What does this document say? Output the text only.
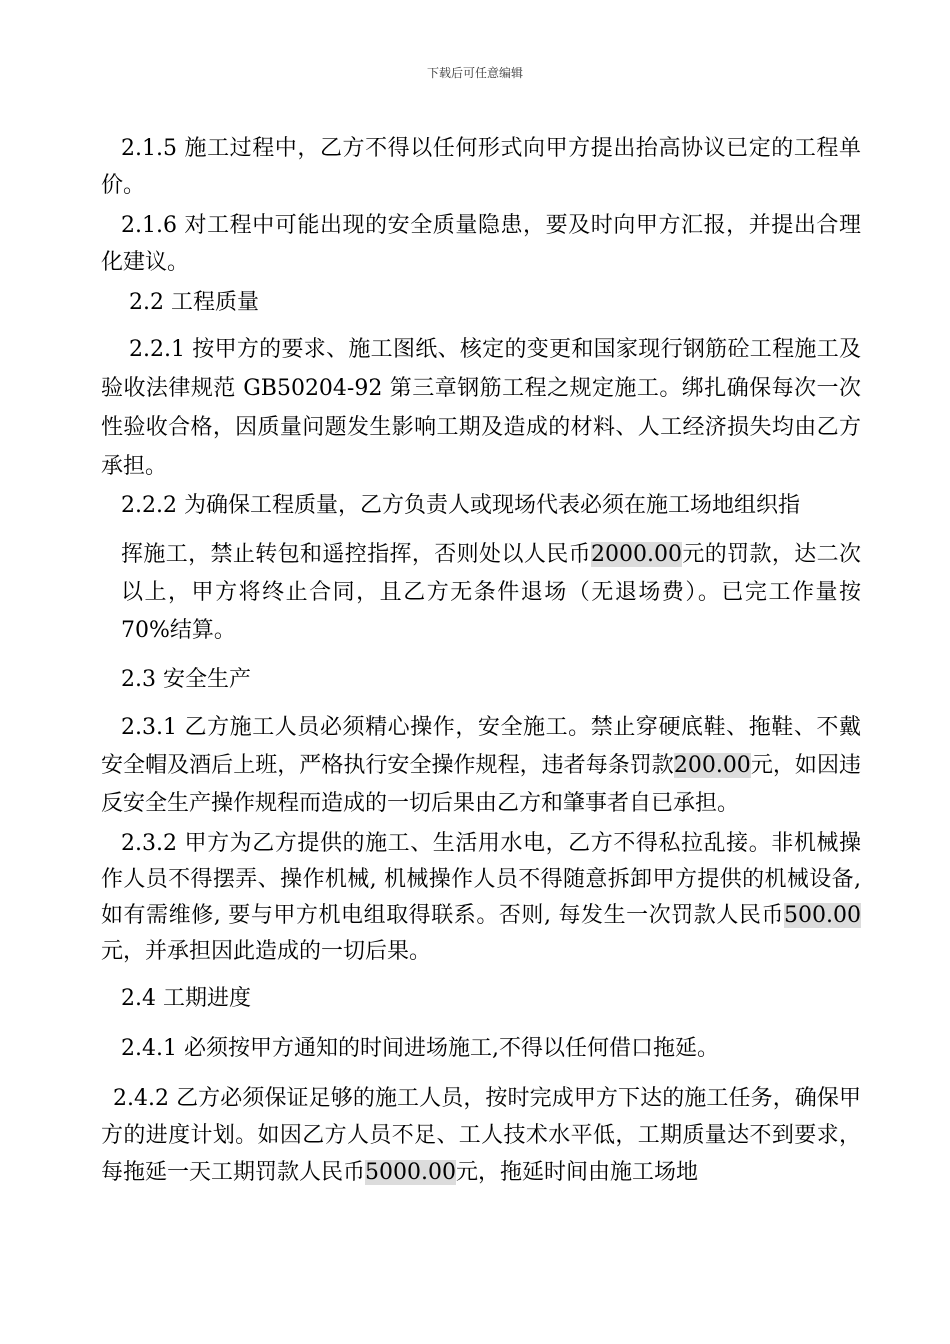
下载后可任意编辑

2.1.5 施工过程中，乙方不得以任何形式向甲方提出抬高协议已定的工程单价。

2.1.6 对工程中可能出现的安全质量隐患，要及时向甲方汇报，并提出合理化建议。

2.2 工程质量

2.2.1 按甲方的要求、施工图纸、核定的变更和国家现行钢筋砼工程施工及验收法律规范 GB50204-92 第三章钢筋工程之规定施工。绑扎确保每次一次性验收合格，因质量问题发生影响工期及造成的材料、人工经济损失均由乙方承担。

2.2.2 为确保工程质量，乙方负责人或现场代表必须在施工场地组织指

挥施工，禁止转包和遥控指挥，否则处以人民币2000.00元的罚款，达二次以上，甲方将终止合同，且乙方无条件退场（无退场费）。已完工作量按 70%结算。

2.3 安全生产

2.3.1 乙方施工人员必须精心操作，安全施工。禁止穿硬底鞋、拖鞋、不戴安全帽及酒后上班，严格执行安全操作规程，违者每条罚款200.00元，如因违反安全生产操作规程而造成的一切后果由乙方和肇事者自已承担。

2.3.2 甲方为乙方提供的施工、生活用水电，乙方不得私拉乱接。非机械操作人员不得摆弄、操作机械, 机械操作人员不得随意拆卸甲方提供的机械设备, 如有需维修, 要与甲方机电组取得联系。否则, 每发生一次罚款人民币500.00元，并承担因此造成的一切后果。

2.4 工期进度

2.4.1 必须按甲方通知的时间进场施工,不得以任何借口拖延。

2.4.2 乙方必须保证足够的施工人员，按时完成甲方下达的施工任务，确保甲方的进度计划。如因乙方人员不足、工人技术水平低，工期质量达不到要求，每拖延一天工期罚款人民币5000.00元，拖延时间由施工场地
